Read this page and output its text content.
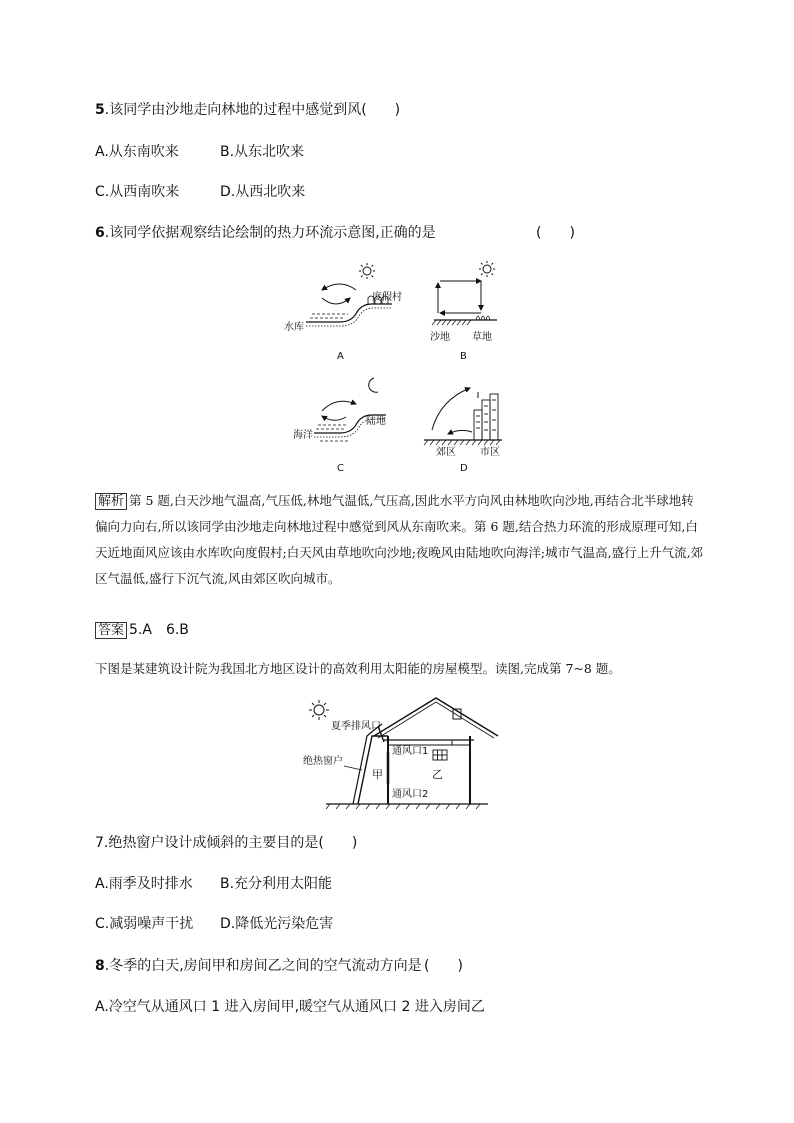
5.该同学由沙地走向林地的过程中感觉到风(　　)
A.从东南吹来	B.从东北吹来
C.从西南吹来	D.从西北吹来
6.该同学依据观察结论绘制的热力环流示意图,正确的是	(　　)
度假村
水库
A
沙地 草地
B
陆地
海洋
C
郊区 市区
D
解析 第 5 题,白天沙地气温高,气压低,林地气温低,气压高,因此水平方向风由林地吹向沙地,再结合北半球地转偏向力向右,所以该同学由沙地走向林地过程中感觉到风从东南吹来。第 6 题,结合热力环流的形成原理可知,白天近地面风应该由水库吹向度假村;白天风由草地吹向沙地;夜晚风由陆地吹向海洋;城市气温高,盛行上升气流,郊区气温低,盛行下沉气流,风由郊区吹向城市。
答案 5.A　6.B
下图是某建筑设计院为我国北方地区设计的高效利用太阳能的房屋模型。读图,完成第 7~8 题。
夏季排风口
绝热窗户
通风口1
通风口2
甲	乙
7.绝热窗户设计成倾斜的主要目的是(　　)
A.雨季及时排水 B.充分利用太阳能
C.减弱噪声干扰 D.降低光污染危害
8.冬季的白天,房间甲和房间乙之间的空气流动方向是 (　　)
A.冷空气从通风口 1 进入房间甲,暖空气从通风口 2 进入房间乙
